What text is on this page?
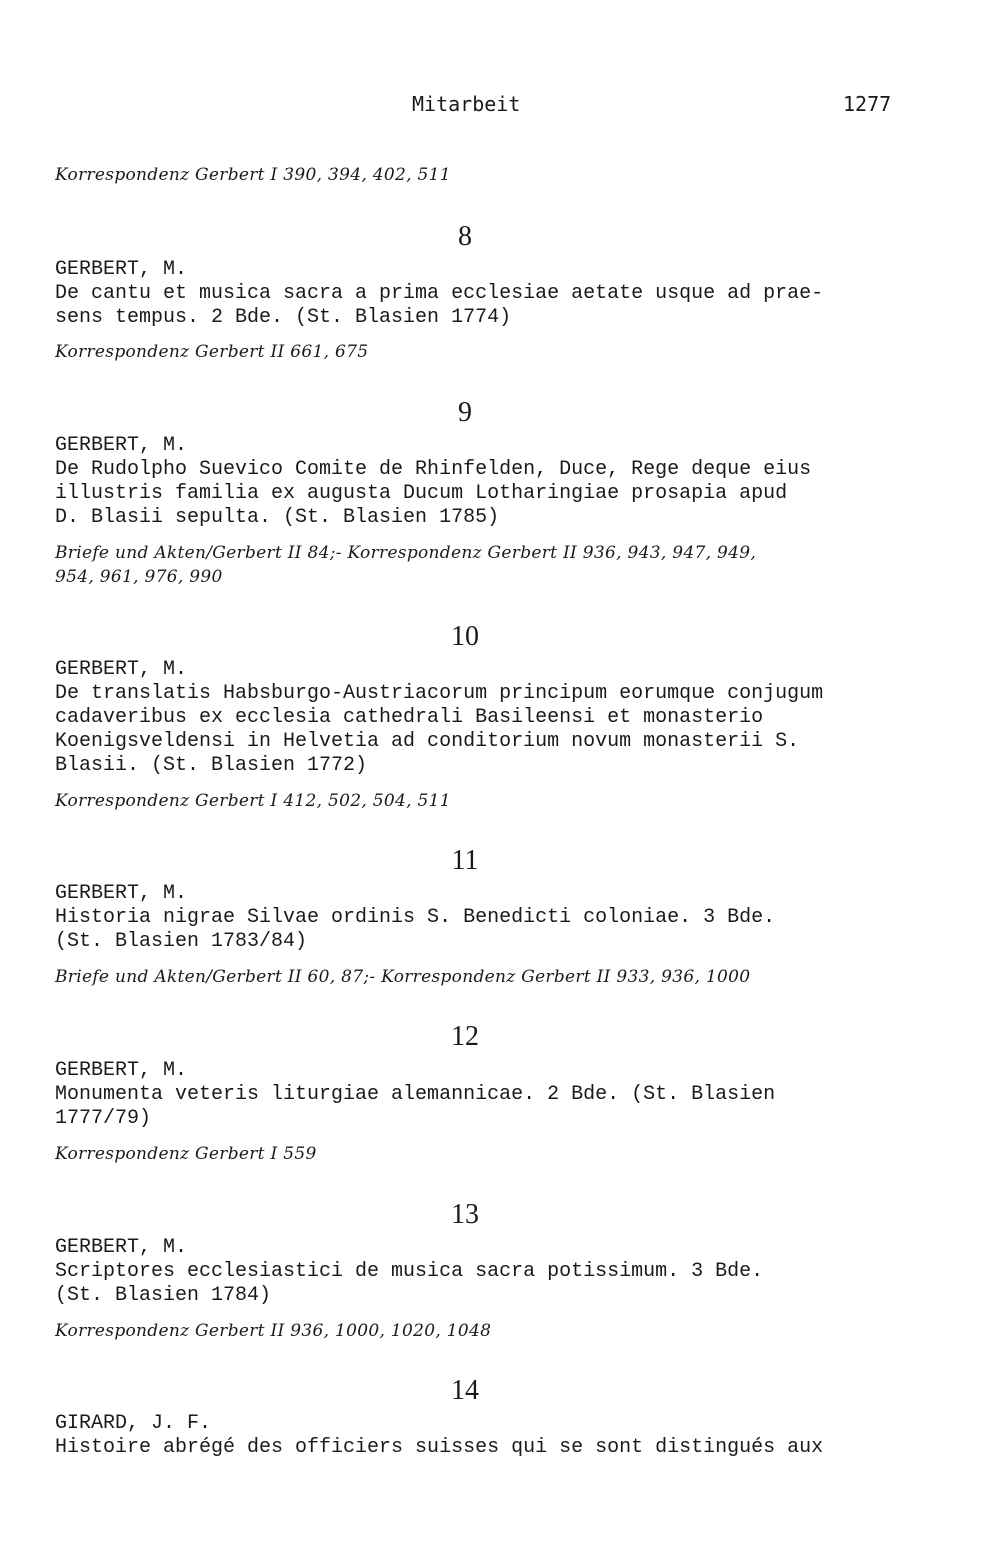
Mitarbeit	1277
Korrespondenz Gerbert I 390, 394, 402, 511
8
GERBERT, M.
De cantu et musica sacra a prima ecclesiae aetate usque ad prae-
sens tempus. 2 Bde. (St. Blasien 1774)
Korrespondenz Gerbert II 661, 675
9
GERBERT, M.
De Rudolpho Suevico Comite de Rhinfelden, Duce, Rege deque eius
illustris familia ex augusta Ducum Lotharingiae prosapia apud
D. Blasii sepulta. (St. Blasien 1785)
Briefe und Akten/Gerbert II 84;- Korrespondenz Gerbert II 936, 943, 947, 949,
954, 961, 976, 990
10
GERBERT, M.
De translatis Habsburgo-Austriacorum principum eorumque conjugum
cadaveribus ex ecclesia cathedrali Basileensi et monasterio
Koenigsveldensi in Helvetia ad conditorium novum monasterii S.
Blasii. (St. Blasien 1772)
Korrespondenz Gerbert I 412, 502, 504, 511
11
GERBERT, M.
Historia nigrae Silvae ordinis S. Benedicti coloniae. 3 Bde.
(St. Blasien 1783/84)
Briefe und Akten/Gerbert II 60, 87;- Korrespondenz Gerbert II 933, 936, 1000
12
GERBERT, M.
Monumenta veteris liturgiae alemannicae. 2 Bde. (St. Blasien
1777/79)
Korrespondenz Gerbert I 559
13
GERBERT, M.
Scriptores ecclesiastici de musica sacra potissimum. 3 Bde.
(St. Blasien 1784)
Korrespondenz Gerbert II 936, 1000, 1020, 1048
14
GIRARD, J. F.
Histoire abrégé des officiers suisses qui se sont distingués aux
